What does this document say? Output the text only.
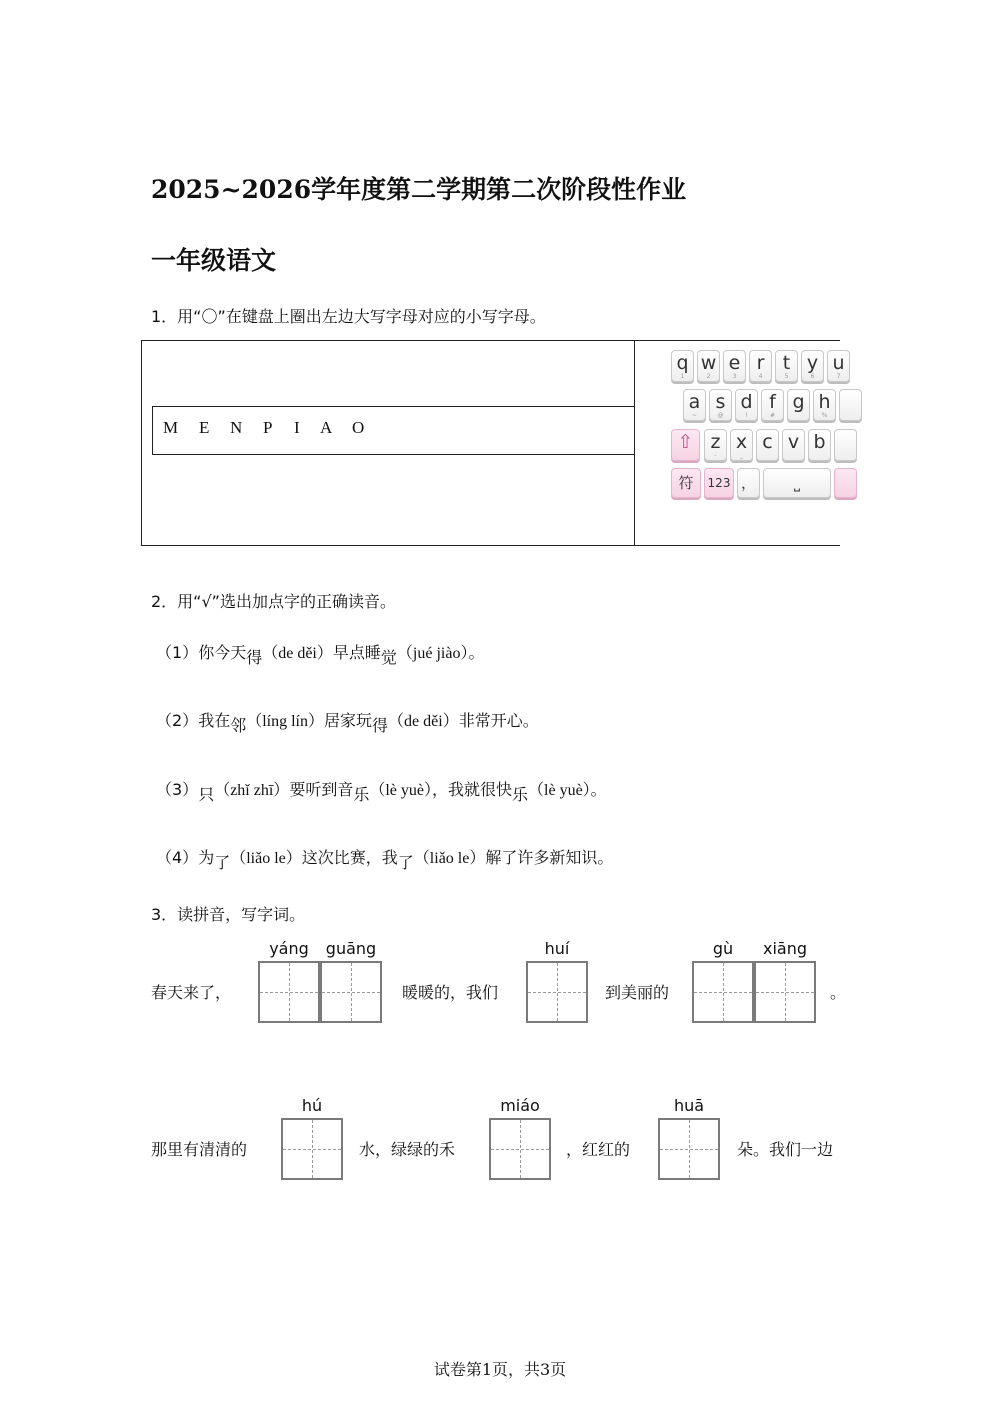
2025~2026学年度第二学期第二次阶段性作业
一年级语文
1．用“〇”在键盘上圈出左边大写字母对应的小写字母。
M E N P I A O
q
1
w
2
e
3
r
4
t
5
y
6
u
7
a
~
s
@
d
!
f
#
g h
%
⇧ z
-
x
_
c v b
符	123 ，	⎵
2．用“√”选出加点字的正确读音。
（1）你今天得（de děi）早点睡觉（jué jiào）。
（2）我在邻（líng lín）居家玩得（de děi）非常开心。
（3）只（zhǐ zhī）要听到音乐（lè yuè），我就很快乐（lè yuè）。
（4）为了（liǎo le）这次比赛，我了（liǎo le）解了许多新知识。
3．读拼音，写字词。
春天来了，
yáng	guāng
暖暖的，我们
huí
到美丽的
gù	xiāng
。
那里有清清的
hú
水，绿绿的禾
miáo
，红红的
huā
朵。我们一边
试卷第1页，共3页
